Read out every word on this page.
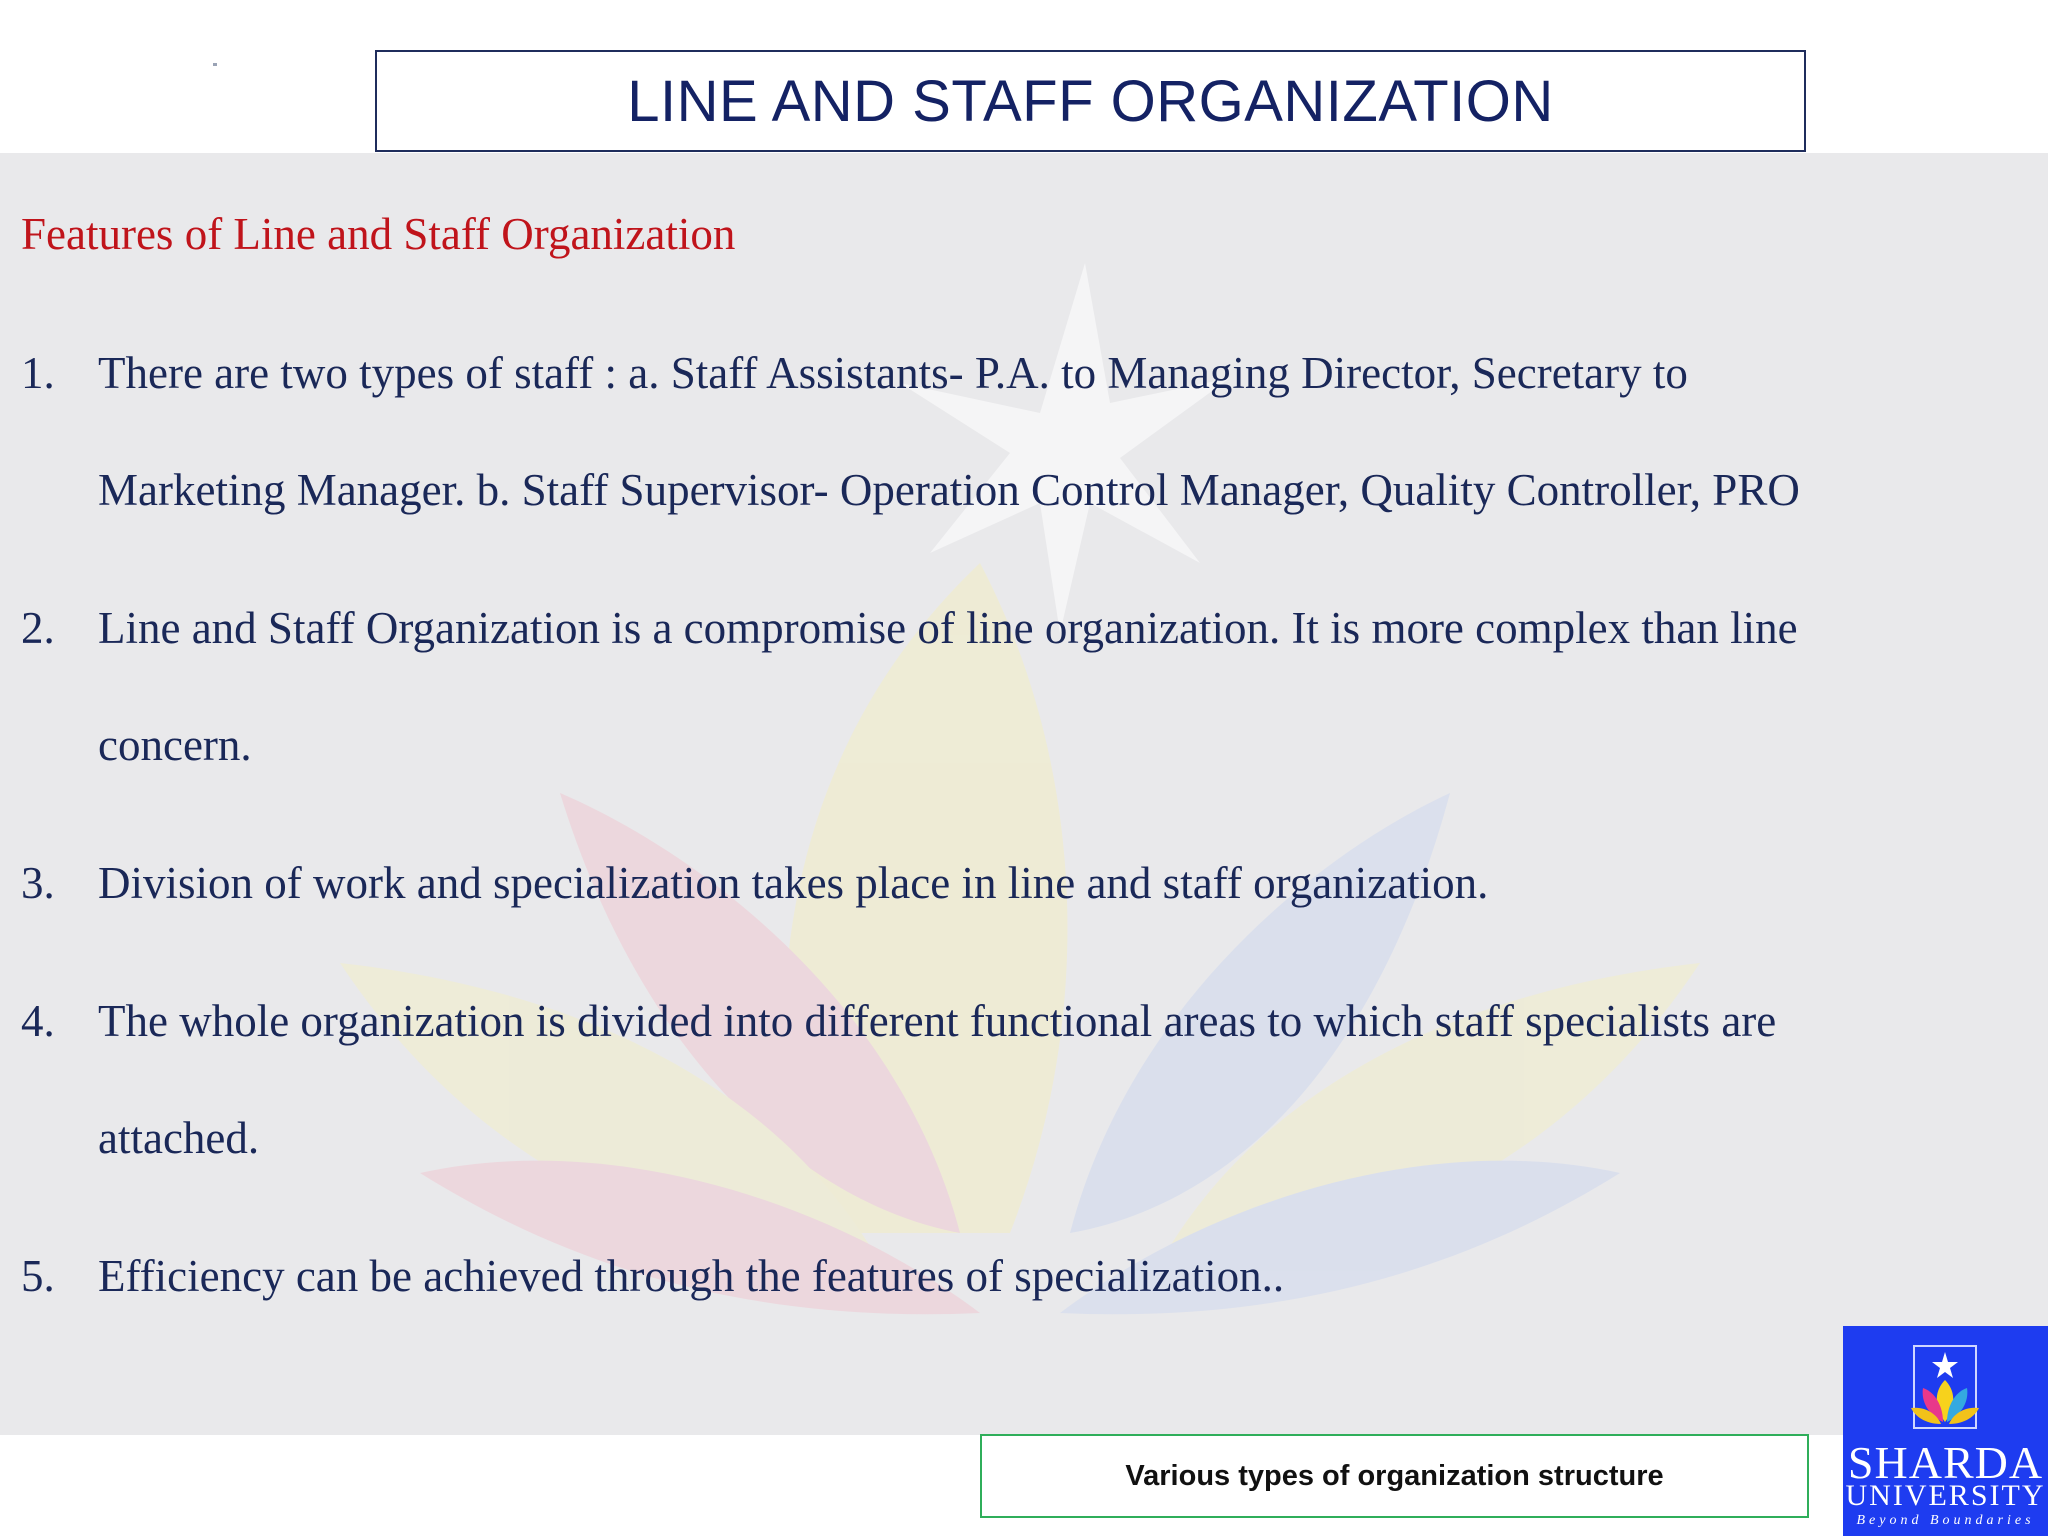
Features of Line and Staff Organization
1. There are two types of staff : a. Staff Assistants- P.A. to Managing Director, Secretary to
Marketing Manager. b. Staff Supervisor- Operation Control Manager, Quality Controller, PRO
2. Line and Staff Organization is a compromise of line organization. It is more complex than line
concern.
3. Division of work and specialization takes place in line and staff organization.
4. The whole organization is divided into different functional areas to which staff specialists are
attached.
5. Efficiency can be achieved through the features of specialization..
LINE AND STAFF ORGANIZATION
Various types of organization structure	SHARDA
UNIVERSITY
Beyond Boundaries
